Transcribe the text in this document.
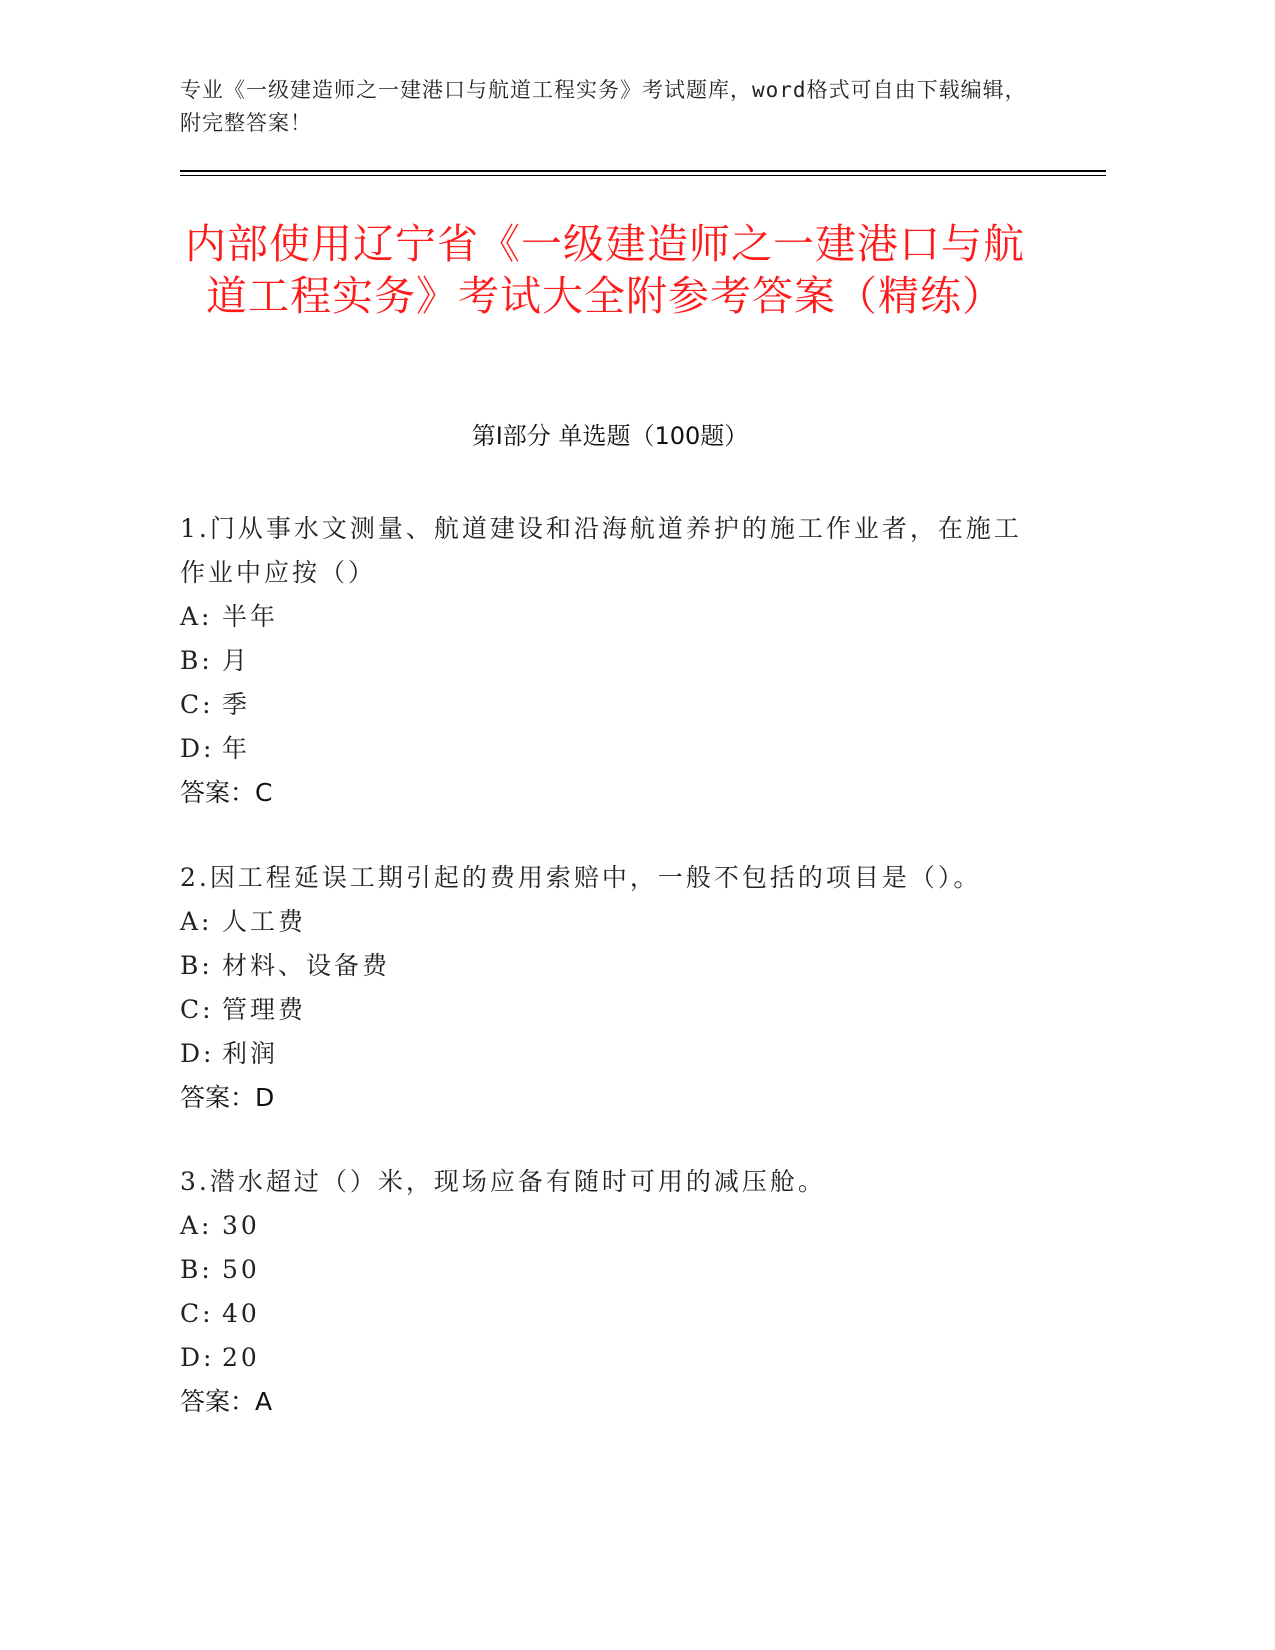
专业《一级建造师之一建港口与航道工程实务》考试题库，word格式可自由下载编辑，附完整答案！
内部使用辽宁省《一级建造师之一建港口与航道工程实务》考试大全附参考答案（精练）
第Ⅰ部分 单选题（100题）

1.门从事水文测量、航道建设和沿海航道养护的施工作业者，在施工作业中应按（）

A: 半年
B: 月
C: 季
D: 年
答案：C

2.因工程延误工期引起的费用索赔中，一般不包括的项目是（）。

A: 人工费
B: 材料、设备费
C: 管理费
D: 利润
答案：D

3.潜水超过（）米，现场应备有随时可用的减压舱。

A: 30
B: 50
C: 40
D: 20
答案：A
